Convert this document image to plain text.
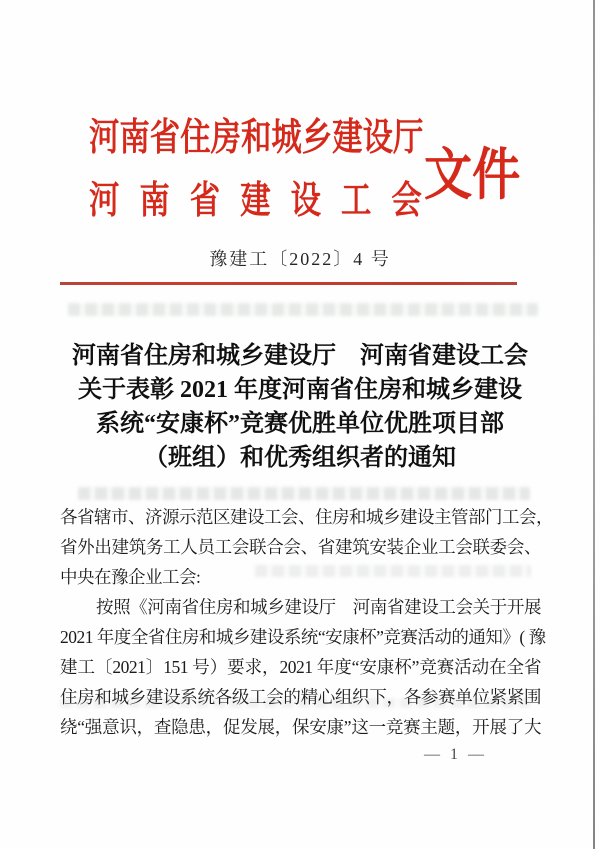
河南省住房和城乡建设厅
河南省建设工会
文件
豫建工〔2022〕4 号
河南省住房和城乡建设厅　河南省建设工会
关于表彰 2021 年度河南省住房和城乡建设
系统“安康杯”竞赛优胜单位优胜项目部
（班组）和优秀组织者的通知
各省辖市、济源示范区建设工会、住房和城乡建设主管部门工会，
省外出建筑务工人员工会联合会、省建筑安装企业工会联委会、
中央在豫企业工会:
按照《河南省住房和城乡建设厅　河南省建设工会关于开展
2021 年度全省住房和城乡建设系统“安康杯”竞赛活动的通知》( 豫
建工〔2021〕151 号）要求，2021 年度“安康杯”竞赛活动在全省
住房和城乡建设系统各级工会的精心组织下，各参赛单位紧紧围
绕“强意识，查隐患，促发展，保安康”这一竞赛主题，开展了大
— 1 —
